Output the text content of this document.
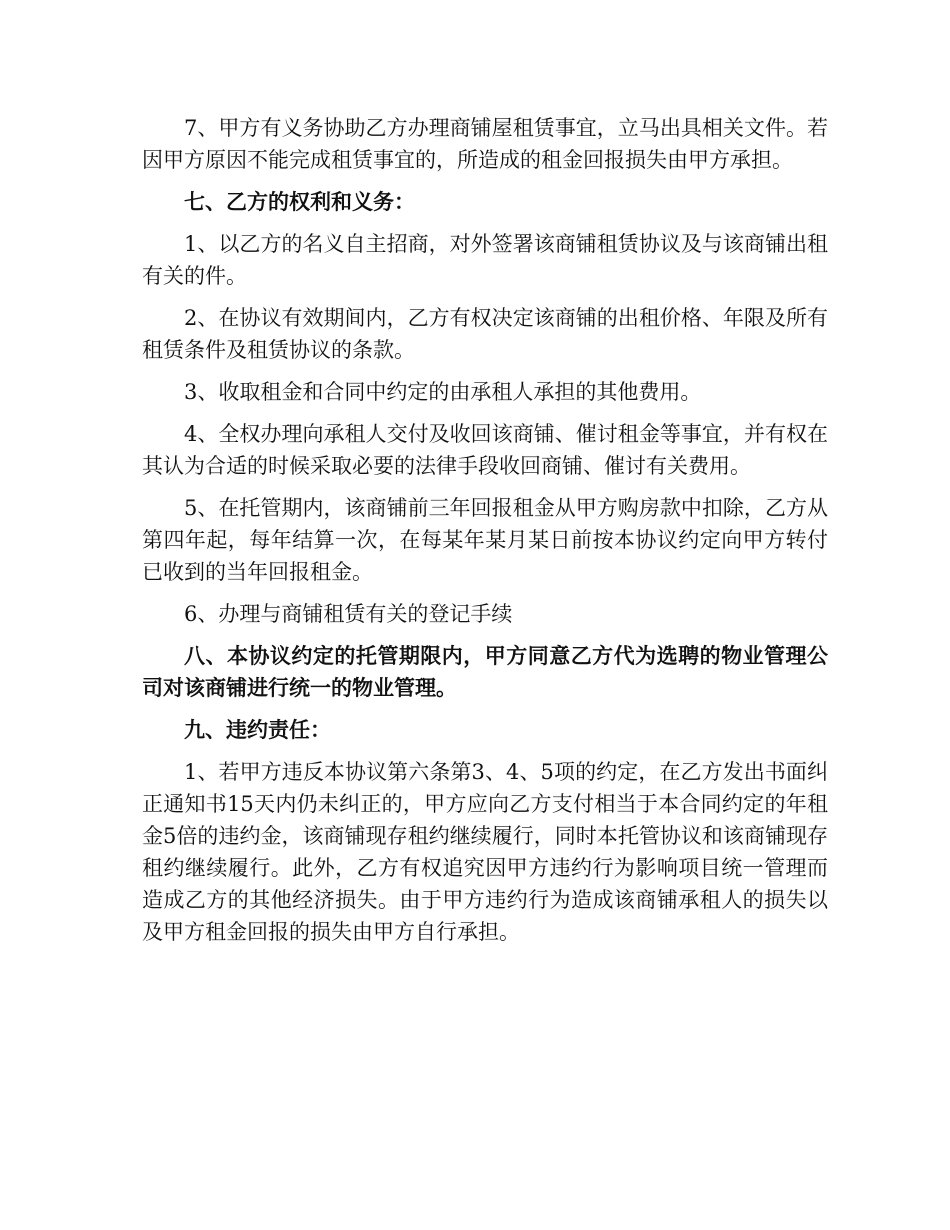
7、甲方有义务协助乙方办理商铺屋租赁事宜，立马出具相关文件。若因甲方原因不能完成租赁事宜的，所造成的租金回报损失由甲方承担。

七、乙方的权利和义务：

1、以乙方的名义自主招商，对外签署该商铺租赁协议及与该商铺出租有关的件。

2、在协议有效期间内，乙方有权决定该商铺的出租价格、年限及所有租赁条件及租赁协议的条款。

3、收取租金和合同中约定的由承租人承担的其他费用。

4、全权办理向承租人交付及收回该商铺、催讨租金等事宜，并有权在其认为合适的时候采取必要的法律手段收回商铺、催讨有关费用。

5、在托管期内，该商铺前三年回报租金从甲方购房款中扣除，乙方从第四年起，每年结算一次，在每某年某月某日前按本协议约定向甲方转付已收到的当年回报租金。

6、办理与商铺租赁有关的登记手续

八、本协议约定的托管期限内，甲方同意乙方代为选聘的物业管理公司对该商铺进行统一的物业管理。

九、违约责任：

1、若甲方违反本协议第六条第3、4、5项的约定，在乙方发出书面纠正通知书15天内仍未纠正的，甲方应向乙方支付相当于本合同约定的年租金5倍的违约金，该商铺现存租约继续履行，同时本托管协议和该商铺现存租约继续履行。此外，乙方有权追究因甲方违约行为影响项目统一管理而造成乙方的其他经济损失。由于甲方违约行为造成该商铺承租人的损失以及甲方租金回报的损失由甲方自行承担。
